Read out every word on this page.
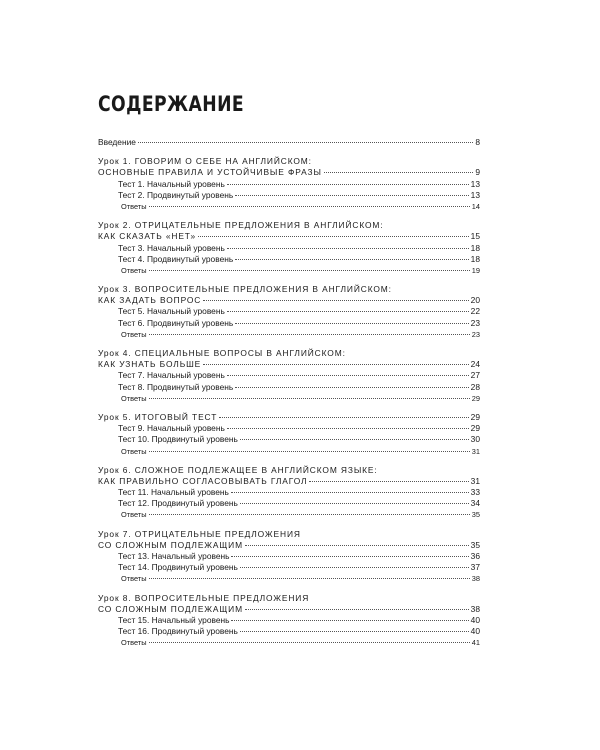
СОДЕРЖАНИЕ
Введение	8
Урок 1. ГОВОРИМ О СЕБЕ НА АНГЛИЙСКОМ:
ОСНОВНЫЕ ПРАВИЛА И УСТОЙЧИВЫЕ ФРАЗЫ	9
Тест 1. Начальный уровень	13
Тест 2. Продвинутый уровень	13
Ответы	14
Урок 2. ОТРИЦАТЕЛЬНЫЕ ПРЕДЛОЖЕНИЯ В АНГЛИЙСКОМ:
КАК СКАЗАТЬ «НЕТ»	15
Тест 3. Начальный уровень	18
Тест 4. Продвинутый уровень	18
Ответы	19
Урок 3. ВОПРОСИТЕЛЬНЫЕ ПРЕДЛОЖЕНИЯ В АНГЛИЙСКОМ:
КАК ЗАДАТЬ ВОПРОС	20
Тест 5. Начальный уровень	22
Тест 6. Продвинутый уровень	23
Ответы	23
Урок 4. СПЕЦИАЛЬНЫЕ ВОПРОСЫ В АНГЛИЙСКОМ:
КАК УЗНАТЬ БОЛЬШЕ	24
Тест 7. Начальный уровень	27
Тест 8. Продвинутый уровень	28
Ответы	29
Урок 5. ИТОГОВЫЙ ТЕСТ	29
Тест 9. Начальный уровень	29
Тест 10. Продвинутый уровень	30
Ответы	31
Урок 6. СЛОЖНОЕ ПОДЛЕЖАЩЕЕ В АНГЛИЙСКОМ ЯЗЫКЕ:
КАК ПРАВИЛЬНО СОГЛАСОВЫВАТЬ ГЛАГОЛ	31
Тест 11. Начальный уровень	33
Тест 12. Продвинутый уровень	34
Ответы	35
Урок 7. ОТРИЦАТЕЛЬНЫЕ ПРЕДЛОЖЕНИЯ
СО СЛОЖНЫМ ПОДЛЕЖАЩИМ	35
Тест 13. Начальный уровень	36
Тест 14. Продвинутый уровень	37
Ответы	38
Урок 8. ВОПРОСИТЕЛЬНЫЕ ПРЕДЛОЖЕНИЯ
СО СЛОЖНЫМ ПОДЛЕЖАЩИМ	38
Тест 15. Начальный уровень	40
Тест 16. Продвинутый уровень	40
Ответы	41
